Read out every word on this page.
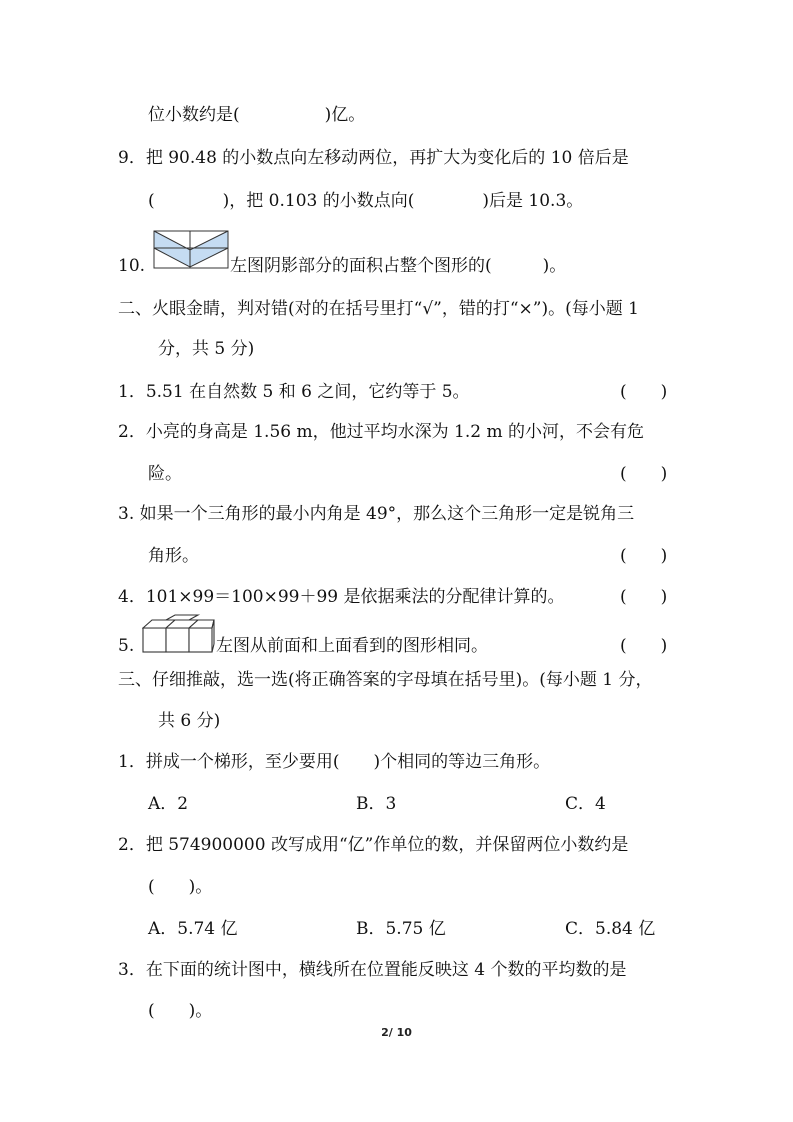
位小数约是(　　　　　)亿。
9．把 90.48 的小数点向左移动两位，再扩大为变化后的 10 倍后是
(　　　　)，把 0.103 的小数点向(　　　　)后是 10.3。
10.	左图阴影部分的面积占整个图形的(　　　)。
二、火眼金睛，判对错(对的在括号里打“√”，错的打“×”)。(每小题 1
分，共 5 分)
1．5.51 在自然数 5 和 6 之间，它约等于 5。	(　　)
2．小亮的身高是 1.56 m，他过平均水深为 1.2 m 的小河，不会有危
险。	(　　)
3. 如果一个三角形的最小内角是 49°，那么这个三角形一定是锐角三
角形。	(　　)
4．101×99＝100×99＋99 是依据乘法的分配律计算的。	(　　)
5.	左图从前面和上面看到的图形相同。	(　　)
三、仔细推敲，选一选(将正确答案的字母填在括号里)。(每小题 1 分，
共 6 分)
1．拼成一个梯形，至少要用(　　)个相同的等边三角形。
A．2	B．3	C．4
2．把 574900000 改写成用“亿”作单位的数，并保留两位小数约是
(　　)。
A．5.74 亿	B．5.75 亿	C．5.84 亿
3．在下面的统计图中，横线所在位置能反映这 4 个数的平均数的是
(　　)。
2/ 10
